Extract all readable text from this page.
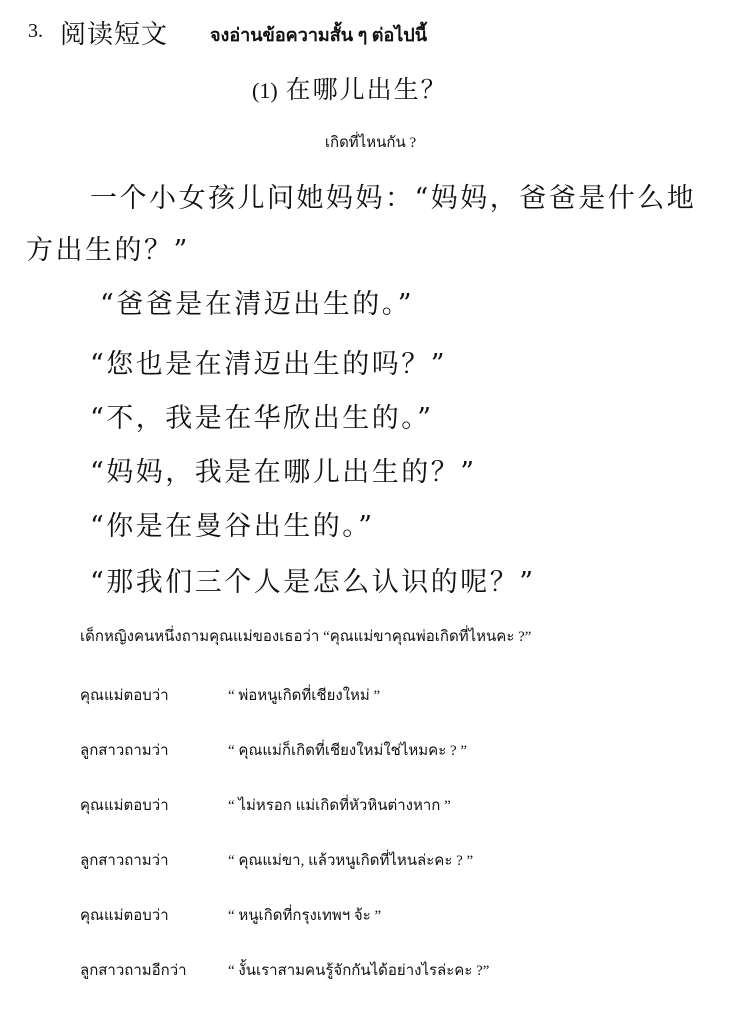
3. 阅读短文 จงอ่านข้อความสั้น ๆ ต่อไปนี้
(1) 在哪儿出生？
เกิดที่ไหนกัน ?
一个小女孩儿问她妈妈：“妈妈，爸爸是什么地
方出生的？”
“爸爸是在清迈出生的。”
“您也是在清迈出生的吗？”
“不，我是在华欣出生的。”
“妈妈，我是在哪儿出生的？”
“你是在曼谷出生的。”
“那我们三个人是怎么认识的呢？”
เด็กหญิงคนหนึ่งถามคุณแม่ของเธอว่า “คุณแม่ขาคุณพ่อเกิดที่ไหนคะ ?”
คุณแม่ตอบว่า	“ พ่อหนูเกิดที่เชียงใหม่ ”
ลูกสาวถามว่า	“ คุณแม่ก็เกิดที่เชียงใหม่ใช่ไหมคะ ? ”
คุณแม่ตอบว่า	“ ไม่หรอก แม่เกิดที่หัวหินต่างหาก ”
ลูกสาวถามว่า	“ คุณแม่ขา, แล้วหนูเกิดที่ไหนล่ะคะ ? ”
คุณแม่ตอบว่า	“ หนูเกิดที่กรุงเทพฯ จ้ะ ”
ลูกสาวถามอีกว่า	“ งั้นเราสามคนรู้จักกันได้อย่างไรล่ะคะ ?”
